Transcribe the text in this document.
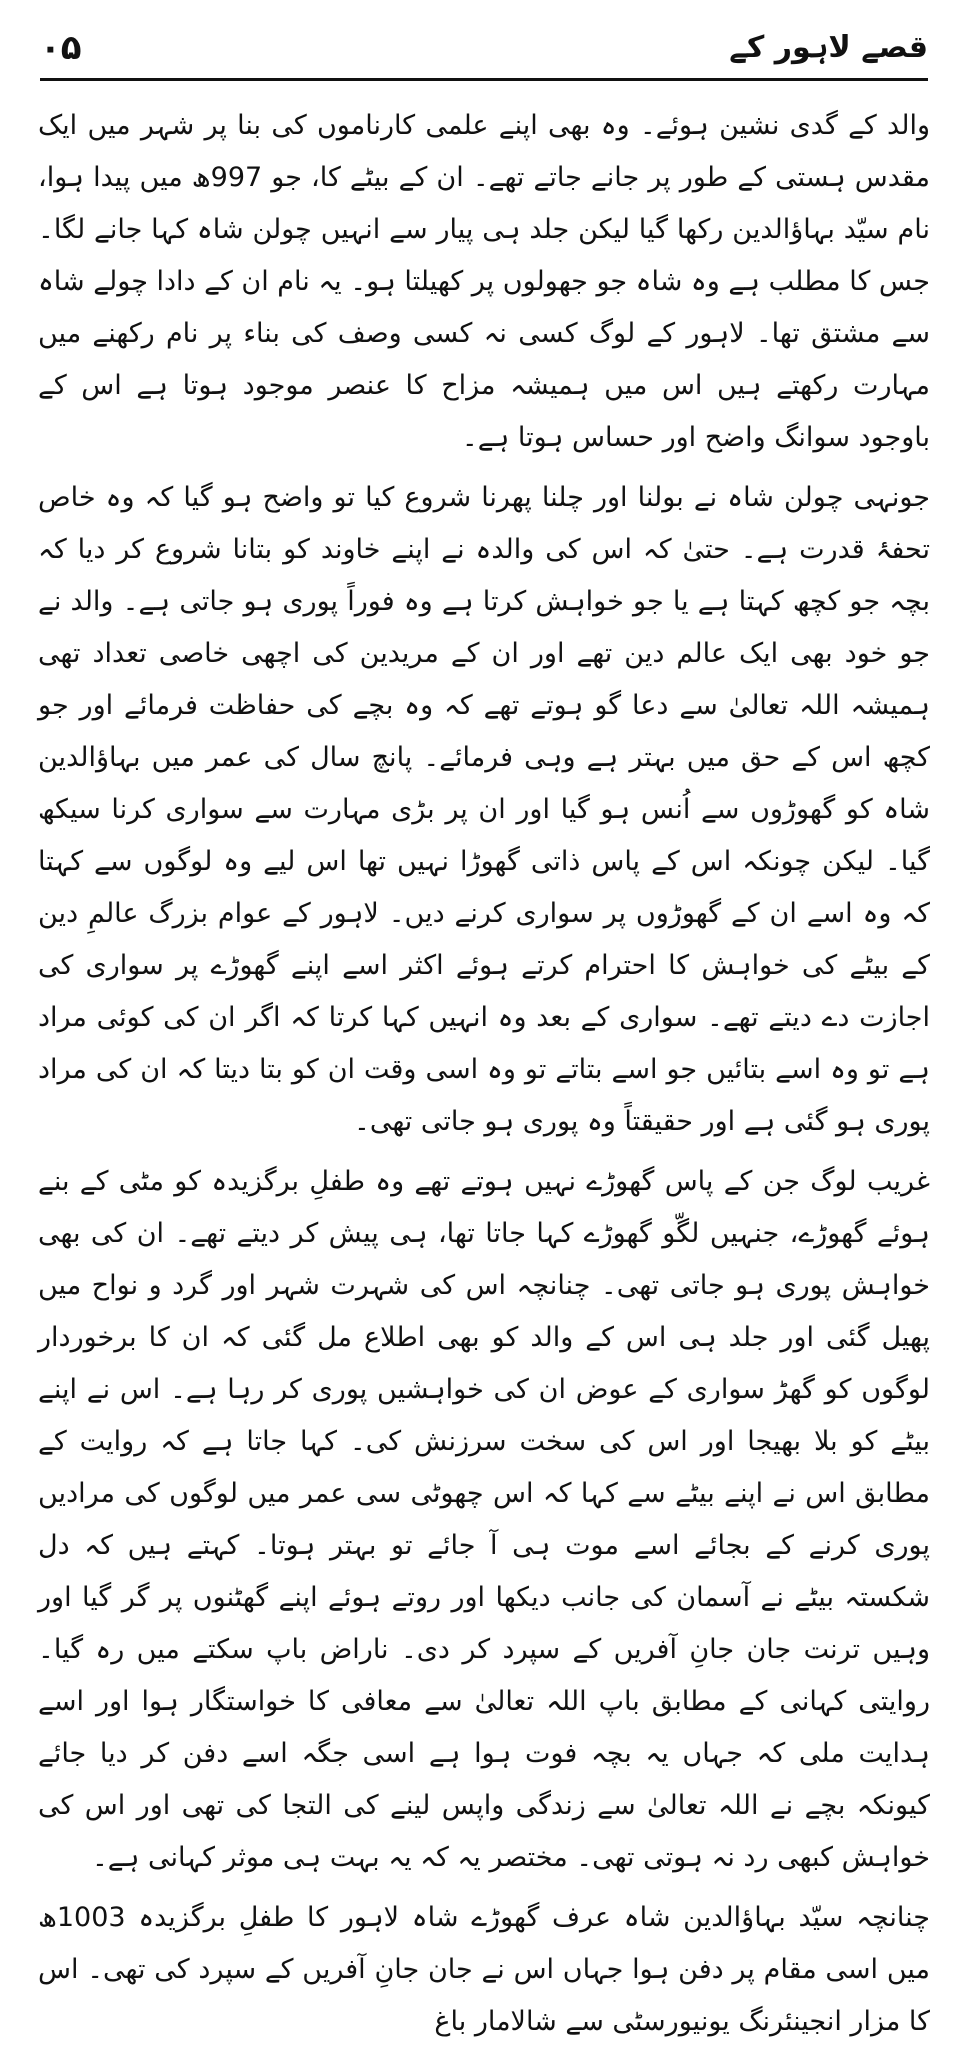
۵۰	قصے لاہور کے

والد کے گدی نشین ہوئے۔ وہ بھی اپنے علمی کارناموں کی بنا پر شہر میں ایک مقدس ہستی کے طور پر جانے جاتے تھے۔ ان کے بیٹے کا، جو 997ھ میں پیدا ہوا، نام سیّد بہاؤالدین رکھا گیا لیکن جلد ہی پیار سے انہیں چولن شاہ کہا جانے لگا۔ جس کا مطلب ہے وہ شاہ جو جھولوں پر کھیلتا ہو۔ یہ نام ان کے دادا چولے شاہ سے مشتق تھا۔ لاہور کے لوگ کسی نہ کسی وصف کی بناء پر نام رکھنے میں مہارت رکھتے ہیں اس میں ہمیشہ مزاح کا عنصر موجود ہوتا ہے اس کے باوجود سوانگ واضح اور حساس ہوتا ہے۔

جونہی چولن شاہ نے بولنا اور چلنا پھرنا شروع کیا تو واضح ہو گیا کہ وہ خاص تحفۂ قدرت ہے۔ حتیٰ کہ اس کی والدہ نے اپنے خاوند کو بتانا شروع کر دیا کہ بچہ جو کچھ کہتا ہے یا جو خواہش کرتا ہے وہ فوراً پوری ہو جاتی ہے۔ والد نے جو خود بھی ایک عالم دین تھے اور ان کے مریدین کی اچھی خاصی تعداد تھی ہمیشہ اللہ تعالیٰ سے دعا گو ہوتے تھے کہ وہ بچے کی حفاظت فرمائے اور جو کچھ اس کے حق میں بہتر ہے وہی فرمائے۔ پانچ سال کی عمر میں بہاؤالدین شاہ کو گھوڑوں سے اُنس ہو گیا اور ان پر بڑی مہارت سے سواری کرنا سیکھ گیا۔ لیکن چونکہ اس کے پاس ذاتی گھوڑا نہیں تھا اس لیے وہ لوگوں سے کہتا کہ وہ اسے ان کے گھوڑوں پر سواری کرنے دیں۔ لاہور کے عوام بزرگ عالمِ دین کے بیٹے کی خواہش کا احترام کرتے ہوئے اکثر اسے اپنے گھوڑے پر سواری کی اجازت دے دیتے تھے۔ سواری کے بعد وہ انہیں کہا کرتا کہ اگر ان کی کوئی مراد ہے تو وہ اسے بتائیں جو اسے بتاتے تو وہ اسی وقت ان کو بتا دیتا کہ ان کی مراد پوری ہو گئی ہے اور حقیقتاً وہ پوری ہو جاتی تھی۔

غریب لوگ جن کے پاس گھوڑے نہیں ہوتے تھے وہ طفلِ برگزیدہ کو مٹی کے بنے ہوئے گھوڑے، جنہیں لگّو گھوڑے کہا جاتا تھا، ہی پیش کر دیتے تھے۔ ان کی بھی خواہش پوری ہو جاتی تھی۔ چنانچہ اس کی شہرت شہر اور گرد و نواح میں پھیل گئی اور جلد ہی اس کے والد کو بھی اطلاع مل گئی کہ ان کا برخوردار لوگوں کو گھڑ سواری کے عوض ان کی خواہشیں پوری کر رہا ہے۔ اس نے اپنے بیٹے کو بلا بھیجا اور اس کی سخت سرزنش کی۔ کہا جاتا ہے کہ روایت کے مطابق اس نے اپنے بیٹے سے کہا کہ اس چھوٹی سی عمر میں لوگوں کی مرادیں پوری کرنے کے بجائے اسے موت ہی آ جائے تو بہتر ہوتا۔ کہتے ہیں کہ دل شکستہ بیٹے نے آسمان کی جانب دیکھا اور روتے ہوئے اپنے گھٹنوں پر گر گیا اور وہیں ترنت جان جانِ آفریں کے سپرد کر دی۔ ناراض باپ سکتے میں رہ گیا۔ روایتی کہانی کے مطابق باپ اللہ تعالیٰ سے معافی کا خواستگار ہوا اور اسے ہدایت ملی کہ جہاں یہ بچہ فوت ہوا ہے اسی جگہ اسے دفن کر دیا جائے کیونکہ بچے نے اللہ تعالیٰ سے زندگی واپس لینے کی التجا کی تھی اور اس کی خواہش کبھی رد نہ ہوتی تھی۔ مختصر یہ کہ یہ بہت ہی موثر کہانی ہے۔

چنانچہ سیّد بہاؤالدین شاہ عرف گھوڑے شاہ لاہور کا طفلِ برگزیدہ 1003ھ میں اسی مقام پر دفن ہوا جہاں اس نے جان جانِ آفریں کے سپرد کی تھی۔ اس کا مزار انجینئرنگ یونیورسٹی سے شالامار باغ
